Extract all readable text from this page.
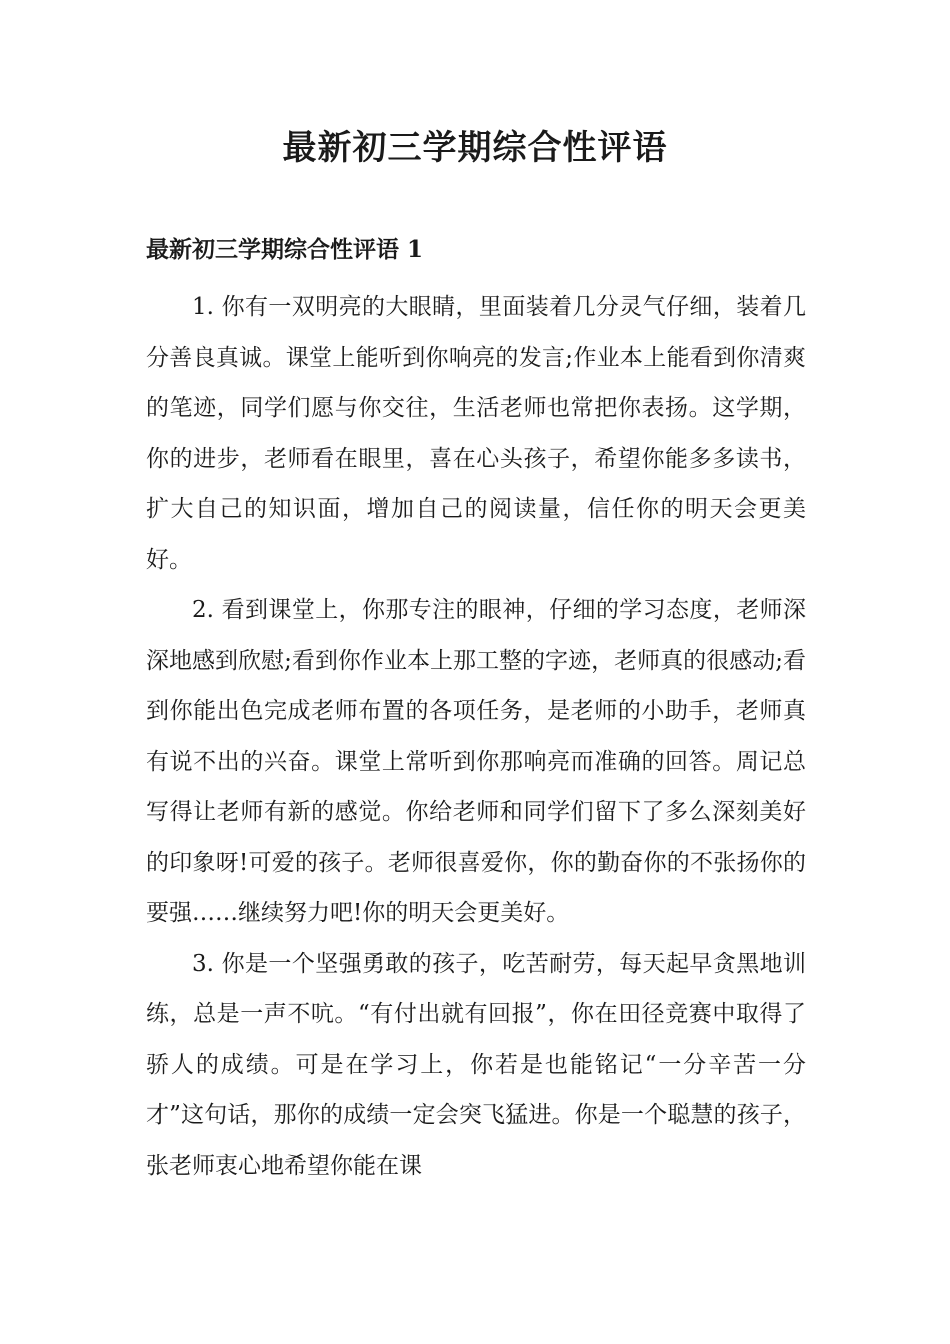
最新初三学期综合性评语
最新初三学期综合性评语 1

1. 你有一双明亮的大眼睛，里面装着几分灵气仔细，装着几分善良真诚。课堂上能听到你响亮的发言;作业本上能看到你清爽的笔迹，同学们愿与你交往，生活老师也常把你表扬。这学期，你的进步，老师看在眼里，喜在心头孩子，希望你能多多读书，扩大自己的知识面，增加自己的阅读量，信任你的明天会更美好。

2. 看到课堂上，你那专注的眼神，仔细的学习态度，老师深深地感到欣慰;看到你作业本上那工整的字迹，老师真的很感动;看到你能出色完成老师布置的各项任务，是老师的小助手，老师真有说不出的兴奋。课堂上常听到你那响亮而准确的回答。周记总写得让老师有新的感觉。你给老师和同学们留下了多么深刻美好的印象呀!可爱的孩子。老师很喜爱你，你的勤奋你的不张扬你的要强……继续努力吧!你的明天会更美好。

3. 你是一个坚强勇敢的孩子，吃苦耐劳，每天起早贪黑地训练，总是一声不吭。“有付出就有回报”，你在田径竞赛中取得了骄人的成绩。可是在学习上，你若是也能铭记“一分辛苦一分才”这句话，那你的成绩一定会突飞猛进。你是一个聪慧的孩子，张老师衷心地希望你能在课
